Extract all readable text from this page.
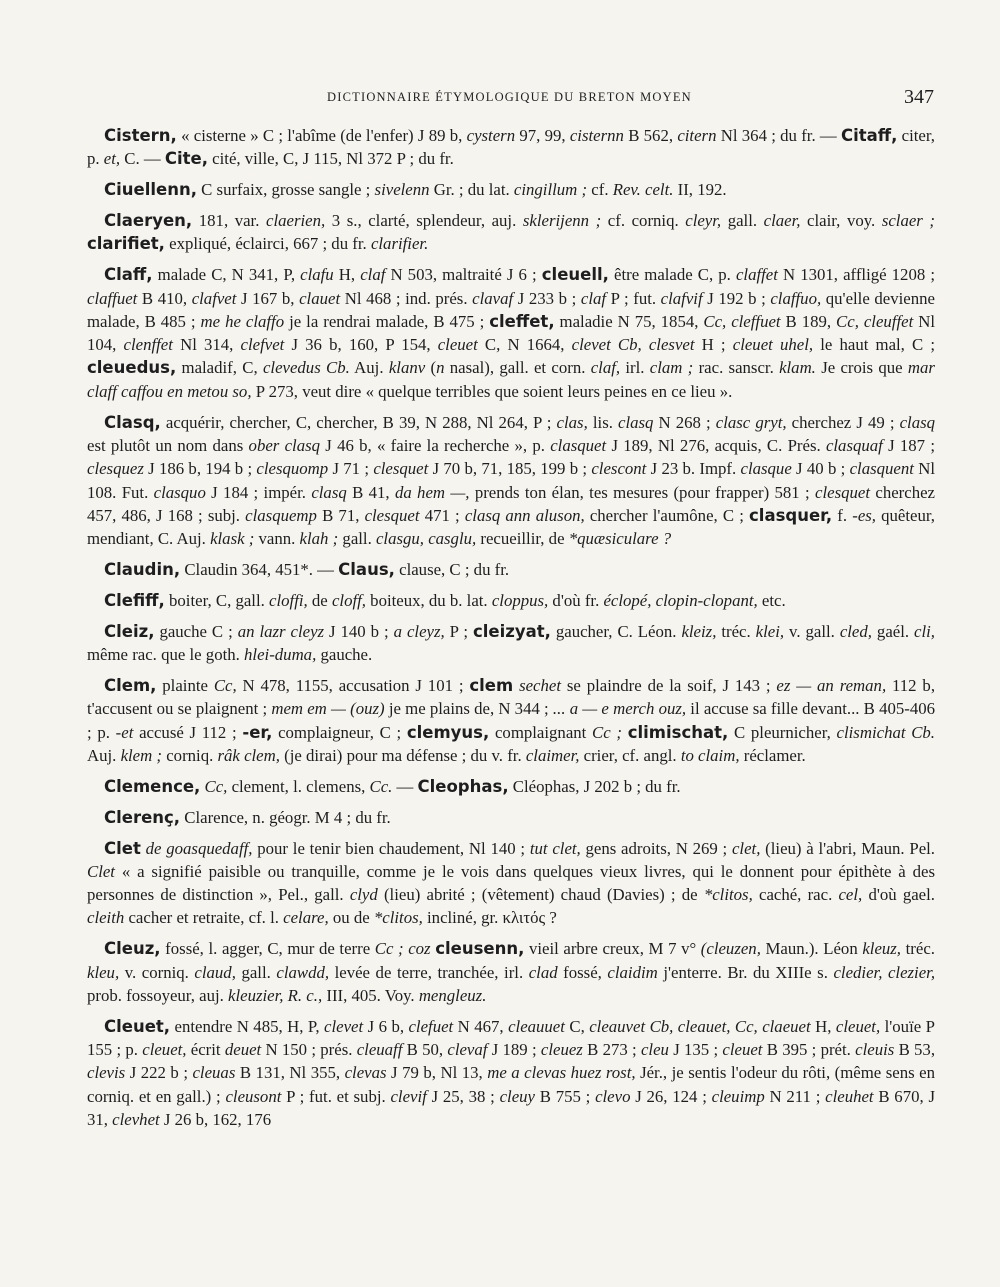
DICTIONNAIRE ÉTYMOLOGIQUE DU BRETON MOYEN	347

Cistern, « cisterne » C ; l'abîme (de l'enfer) J 89 b, cystern 97, 99, cisternn B 562, citern Nl 364 ; du fr. — Citaff, citer, p. et, C. — Cite, cité, ville, C, J 115, Nl 372 P ; du fr.

Ciuellenn, C surfaix, grosse sangle ; sivelenn Gr. ; du lat. cingillum ; cf. Rev. celt. II, 192.

Claeryen, 181, var. claerien, 3 s., clarté, splendeur, auj. sklerijenn ; cf. corniq. cleyr, gall. claer, clair, voy. sclaer ; clarifiet, expliqué, éclairci, 667 ; du fr. clarifier.

Claff, malade C, N 341, P, clafu H, claf N 503, maltraité J 6 ; cleuell, être malade C, p. claffet N 1301, affligé 1208 ; claffuet B 410, clafvet J 167 b, clauet Nl 468 ; ind. prés. clavaf J 233 b ; claf P ; fut. clafvif J 192 b ; claffuo, qu'elle devienne malade, B 485 ; me he claffo je la rendrai malade, B 475 ; cleffet, maladie N 75, 1854, Cc, cleffuet B 189, Cc, cleuffet Nl 104, clenffet Nl 314, clefvet J 36 b, 160, P 154, cleuet C, N 1664, clevet Cb, clesvet H ; cleuet uhel, le haut mal, C ; cleuedus, maladif, C, clevedus Cb. Auj. klanv (n nasal), gall. et corn. claf, irl. clam ; rac. sanscr. klam. Je crois que mar claff caffou en metou so, P 273, veut dire « quelque terribles que soient leurs peines en ce lieu ».

Clasq, acquérir, chercher, C, chercher, B 39, N 288, Nl 264, P ; clas, lis. clasq N 268 ; clasc gryt, cherchez J 49 ; clasq est plutôt un nom dans ober clasq J 46 b, « faire la recherche », p. clasquet J 189, Nl 276, acquis, C. Prés. clasquaf J 187 ; clesquez J 186 b, 194 b ; clesquomp J 71 ; clesquet J 70 b, 71, 185, 199 b ; clescont J 23 b. Impf. clasque J 40 b ; clasquent Nl 108. Fut. clasquo J 184 ; impér. clasq B 41, da hem —, prends ton élan, tes mesures (pour frapper) 581 ; clesquet cherchez 457, 486, J 168 ; subj. clasquemp B 71, clesquet 471 ; clasq ann aluson, chercher l'aumône, C ; clasquer, f. -es, quêteur, mendiant, C. Auj. klask ; vann. klah ; gall. clasgu, casglu, recueillir, de *quæsiculare ?

Claudin, Claudin 364, 451*. — Claus, clause, C ; du fr.

Clefiff, boiter, C, gall. cloffi, de cloff, boiteux, du b. lat. cloppus, d'où fr. éclopé, clopin-clopant, etc.

Cleiz, gauche C ; an lazr cleyz J 140 b ; a cleyz, P ; cleizyat, gaucher, C. Léon. kleiz, tréc. klei, v. gall. cled, gaél. cli, même rac. que le goth. hlei-duma, gauche.

Clem, plainte Cc, N 478, 1155, accusation J 101 ; clem sechet se plaindre de la soif, J 143 ; ez — an reman, 112 b, t'accusent ou se plaignent ; mem em — (ouz) je me plains de, N 344 ; ... a — e merch ouz, il accuse sa fille devant... B 405-406 ; p. -et accusé J 112 ; -er, complaigneur, C ; clemyus, complaignant Cc ; climischat, C pleurnicher, clismichat Cb. Auj. klem ; corniq. râk clem, (je dirai) pour ma défense ; du v. fr. claimer, crier, cf. angl. to claim, réclamer.

Clemence, Cc, clement, l. clemens, Cc. — Cleophas, Cléophas, J 202 b ; du fr.

Clerenç, Clarence, n. géogr. M 4 ; du fr.

Clet de goasquedaff, pour le tenir bien chaudement, Nl 140 ; tut clet, gens adroits, N 269 ; clet, (lieu) à l'abri, Maun. Pel. Clet « a signifié paisible ou tranquille, comme je le vois dans quelques vieux livres, qui le donnent pour épithète à des personnes de distinction », Pel., gall. clyd (lieu) abrité ; (vêtement) chaud (Davies) ; de *clitos, caché, rac. cel, d'où gael. cleith cacher et retraite, cf. l. celare, ou de *clitos, incliné, gr. κλιτός ?

Cleuz, fossé, l. agger, C, mur de terre Cc ; coz cleusenn, vieil arbre creux, M 7 v° (cleuzen, Maun.). Léon kleuz, tréc. kleu, v. corniq. claud, gall. clawdd, levée de terre, tranchée, irl. clad fossé, claidim j'enterre. Br. du XIIIe s. cledier, clezier, prob. fossoyeur, auj. kleuzier, R. c., III, 405. Voy. mengleuz.

Cleuet, entendre N 485, H, P, clevet J 6 b, clefuet N 467, cleauuet C, cleauvet Cb, cleauet, Cc, claeuet H, cleuet, l'ouïe P 155 ; p. cleuet, écrit deuet N 150 ; prés. cleuaff B 50, clevaf J 189 ; cleuez B 273 ; cleu J 135 ; cleuet B 395 ; prét. cleuis B 53, clevis J 222 b ; cleuas B 131, Nl 355, clevas J 79 b, Nl 13, me a clevas huez rost, Jér., je sentis l'odeur du rôti, (même sens en corniq. et en gall.) ; cleusont P ; fut. et subj. clevif J 25, 38 ; cleuy B 755 ; clevo J 26, 124 ; cleuimp N 211 ; cleuhet B 670, J 31, clevhet J 26 b, 162, 176
